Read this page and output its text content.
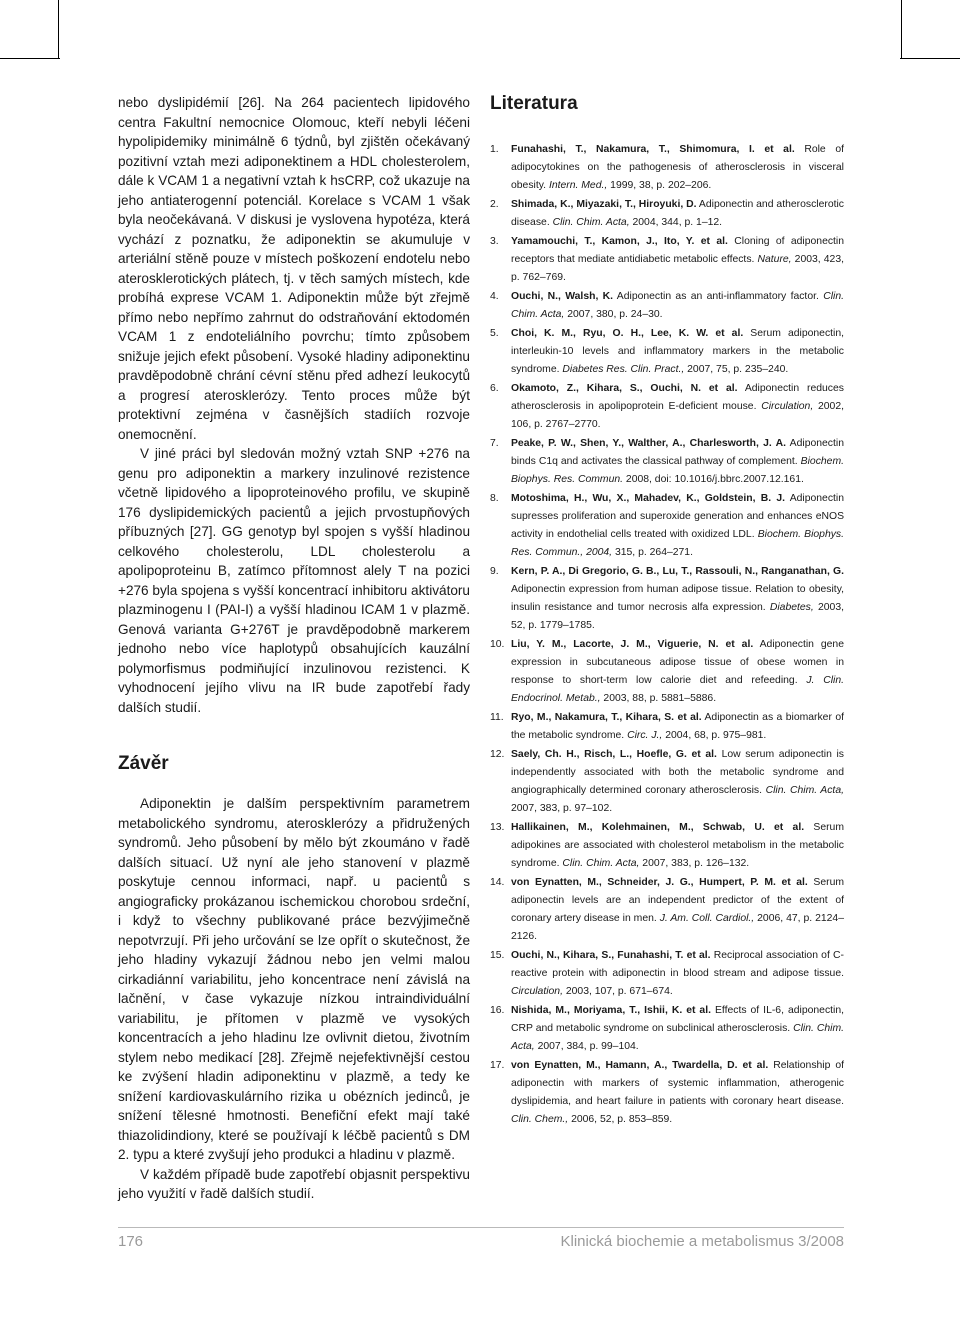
nebo dyslipidémií [26]. Na 264 pacientech lipidového centra Fakultní nemocnice Olomouc, kteří nebyli léčeni hypolipidemiky minimálně 6 týdnů, byl zjištěn očekávaný pozitivní vztah mezi adiponektinem a HDL cholesterolem, dále k VCAM 1 a negativní vztah k hsCRP, což ukazuje na jeho antiaterogenní potenciál. Korelace s VCAM 1 však byla neočekávaná. V diskusi je vyslovena hypotéza, která vychází z poznatku, že adiponektin se akumuluje v arteriální stěně pouze v místech poškození endotelu nebo aterosklerotických plátech, tj. v těch samých místech, kde probíhá exprese VCAM 1. Adiponektin může být zřejmě přímo nebo nepřímo zahrnut do odstraňování ektodomén VCAM 1 z endoteliálního povrchu; tímto způsobem snižuje jejich efekt působení. Vysoké hladiny adiponektinu pravděpodobně chrání cévní stěnu před adhezí leukocytů a progresí aterosklerózy. Tento proces může být protektivní zejména v časnějších stadiích rozvoje onemocnění.

V jiné práci byl sledován možný vztah SNP +276 na genu pro adiponektin a markery inzulinové rezistence včetně lipidového a lipoproteinového profilu, ve skupině 176 dyslipidemických pacientů a jejich prvostupňových příbuzných [27]. GG genotyp byl spojen s vyšší hladinou celkového cholesterolu, LDL cholesterolu a apolipoproteinu B, zatímco přítomnost alely T na pozici +276 byla spojena s vyšší koncentrací inhibitoru aktivátoru plazminogenu I (PAI-I) a vyšší hladinou ICAM 1 v plazmě. Genová varianta G+276T je pravděpodobně markerem jednoho nebo více haplotypů obsahujících kauzální polymorfismus podmiňující inzulinovou rezistenci. K vyhodnocení jejího vlivu na IR bude zapotřebí řady dalších studií.

Závěr

Adiponektin je dalším perspektivním parametrem metabolického syndromu, aterosklerózy a přidružených syndromů. Jeho působení by mělo být zkoumáno v řadě dalších situací. Už nyní ale jeho stanovení v plazmě poskytuje cennou informaci, např. u pacientů s angiograficky prokázanou ischemickou chorobou srdeční, i když to všechny publikované práce bezvýjimečně nepotvrzují. Při jeho určování se lze opřít o skutečnost, že jeho hladiny vykazují žádnou nebo jen velmi malou cirkadiánní variabilitu, jeho koncentrace není závislá na lačnění, v čase vykazuje nízkou intraindividuální variabilitu, je přítomen v plazmě ve vysokých koncentracích a jeho hladinu lze ovlivnit dietou, životním stylem nebo medikací [28]. Zřejmě nejefektivnější cestou ke zvýšení hladin adiponektinu v plazmě, a tedy ke snížení kardiovaskulárního rizika u obézních jedinců, je snížení tělesné hmotnosti. Benefiční efekt mají také thiazolidindiony, které se používají k léčbě pacientů s DM 2. typu a které zvyšují jeho produkci a hladinu v plazmě.

V každém případě bude zapotřebí objasnit perspektivu jeho využití v řadě dalších studií.

Literatura
1. Funahashi, T., Nakamura, T., Shimomura, I. et al. Role of adipocytokines on the pathogenesis of atherosclerosis in visceral obesity. Intern. Med., 1999, 38, p. 202–206.
2. Shimada, K., Miyazaki, T., Hiroyuki, D. Adiponectin and atherosclerotic disease. Clin. Chim. Acta, 2004, 344, p. 1–12.
3. Yamamouchi, T., Kamon, J., Ito, Y. et al. Cloning of adiponectin receptors that mediate antidiabetic metabolic effects. Nature, 2003, 423, p. 762–769.
4. Ouchi, N., Walsh, K. Adiponectin as an anti-inflammatory factor. Clin. Chim. Acta, 2007, 380, p. 24–30.
5. Choi, K. M., Ryu, O. H., Lee, K. W. et al. Serum adiponectin, interleukin-10 levels and inflammatory markers in the metabolic syndrome. Diabetes Res. Clin. Pract., 2007, 75, p. 235–240.
6. Okamoto, Z., Kihara, S., Ouchi, N. et al. Adiponectin reduces atherosclerosis in apolipoprotein E-deficient mouse. Circulation, 2002, 106, p. 2767–2770.
7. Peake, P. W., Shen, Y., Walther, A., Charlesworth, J. A. Adiponectin binds C1q and activates the classical pathway of complement. Biochem. Biophys. Res. Commun. 2008, doi: 10.1016/j.bbrc.2007.12.161.
8. Motoshima, H., Wu, X., Mahadev, K., Goldstein, B. J. Adiponectin supresses proliferation and superoxide generation and enhances eNOS activity in endothelial cells treated with oxidized LDL. Biochem. Biophys. Res. Commun., 2004, 315, p. 264–271.
9. Kern, P. A., Di Gregorio, G. B., Lu, T., Rassouli, N., Ranganathan, G. Adiponectin expression from human adipose tissue. Relation to obesity, insulin resistance and tumor necrosis alfa expression. Diabetes, 2003, 52, p. 1779–1785.
10. Liu, Y. M., Lacorte, J. M., Viguerie, N. et al. Adiponectin gene expression in subcutaneous adipose tissue of obese women in response to short-term low calorie diet and refeeding. J. Clin. Endocrinol. Metab., 2003, 88, p. 5881–5886.
11. Ryo, M., Nakamura, T., Kihara, S. et al. Adiponectin as a biomarker of the metabolic syndrome. Circ. J., 2004, 68, p. 975–981.
12. Saely, Ch. H., Risch, L., Hoefle, G. et al. Low serum adiponectin is independently associated with both the metabolic syndrome and angiographically determined coronary atherosclerosis. Clin. Chim. Acta, 2007, 383, p. 97–102.
13. Hallikainen, M., Kolehmainen, M., Schwab, U. et al. Serum adipokines are associated with cholesterol metabolism in the metabolic syndrome. Clin. Chim. Acta, 2007, 383, p. 126–132.
14. von Eynatten, M., Schneider, J. G., Humpert, P. M. et al. Serum adiponectin levels are an independent predictor of the extent of coronary artery disease in men. J. Am. Coll. Cardiol., 2006, 47, p. 2124–2126.
15. Ouchi, N., Kihara, S., Funahashi, T. et al. Reciprocal association of C-reactive protein with adiponectin in blood stream and adipose tissue. Circulation, 2003, 107, p. 671–674.
16. Nishida, M., Moriyama, T., Ishii, K. et al. Effects of IL-6, adiponectin, CRP and metabolic syndrome on subclinical atherosclerosis. Clin. Chim. Acta, 2007, 384, p. 99–104.
17. von Eynatten, M., Hamann, A., Twardella, D. et al. Relationship of adiponectin with markers of systemic inflammation, atherogenic dyslipidemia, and heart failure in patients with coronary heart disease. Clin. Chem., 2006, 52, p. 853–859.
176	Klinická biochemie a metabolismus 3/2008
